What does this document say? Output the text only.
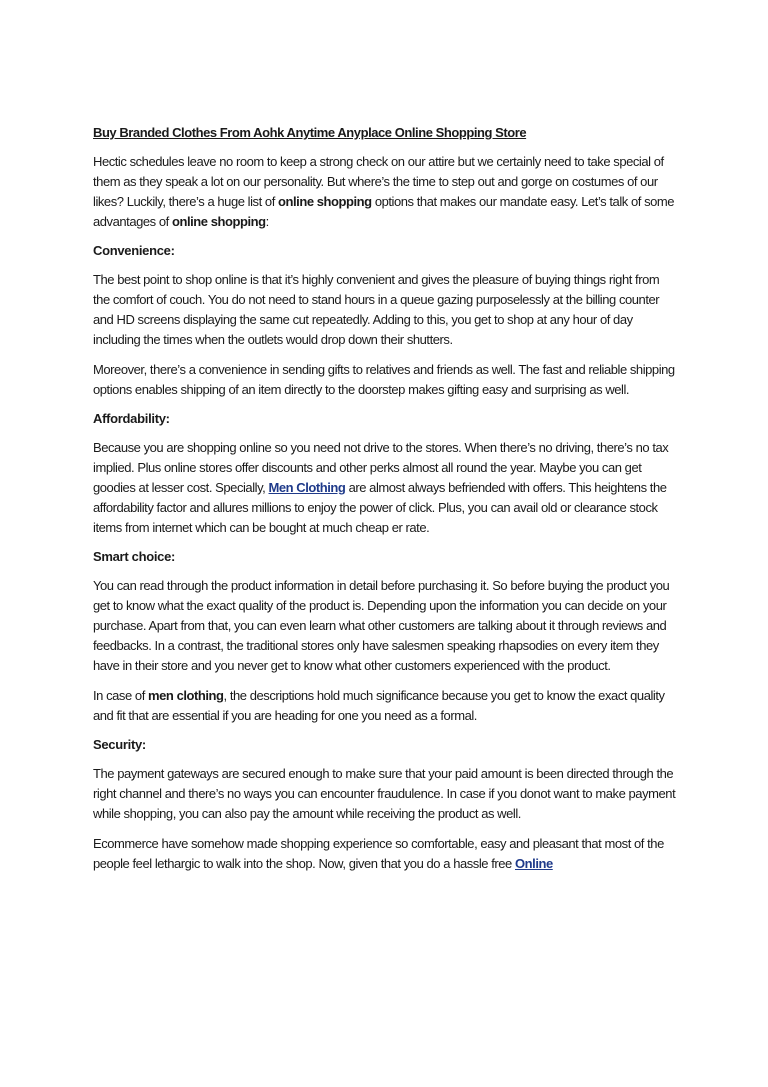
Buy Branded Clothes From Aohk Anytime Anyplace Online Shopping Store

Hectic schedules leave no room to keep a strong check on our attire but we certainly need to take special of them as they speak a lot on our personality. But where’s the time to step out and gorge on costumes of our likes? Luckily, there’s a huge list of online shopping options that makes our mandate easy. Let’s talk of some advantages of online shopping:

Convenience:

The best point to shop online is that it’s highly convenient and gives the pleasure of buying things right from the comfort of couch. You do not need to stand hours in a queue gazing purposelessly at the billing counter and HD screens displaying the same cut repeatedly. Adding to this, you get to shop at any hour of day including the times when the outlets would drop down their shutters.

Moreover, there’s a convenience in sending gifts to relatives and friends as well. The fast and reliable shipping options enables shipping of an item directly to the doorstep makes gifting easy and surprising as well.

Affordability:

Because you are shopping online so you need not drive to the stores. When there’s no driving, there’s no tax implied. Plus online stores offer discounts and other perks almost all round the year. Maybe you can get goodies at lesser cost. Specially, Men Clothing are almost always befriended with offers. This heightens the affordability factor and allures millions to enjoy the power of click. Plus, you can avail old or clearance stock items from internet which can be bought at much cheap er rate.

Smart choice:

You can read through the product information in detail before purchasing it. So before buying the product you get to know what the exact quality of the product is. Depending upon the information you can decide on your purchase. Apart from that, you can even learn what other customers are talking about it through reviews and feedbacks. In a contrast, the traditional stores only have salesmen speaking rhapsodies on every item they have in their store and you never get to know what other customers experienced with the product.

In case of men clothing, the descriptions hold much significance because you get to know the exact quality and fit that are essential if you are heading for one you need as a formal.

Security:

The payment gateways are secured enough to make sure that your paid amount is been directed through the right channel and there’s no ways you can encounter fraudulence. In case if you donot want to make payment while shopping, you can also pay the amount while receiving the product as well.

Ecommerce have somehow made shopping experience so comfortable, easy and pleasant that most of the people feel lethargic to walk into the shop. Now, given that you do a hassle free Online
